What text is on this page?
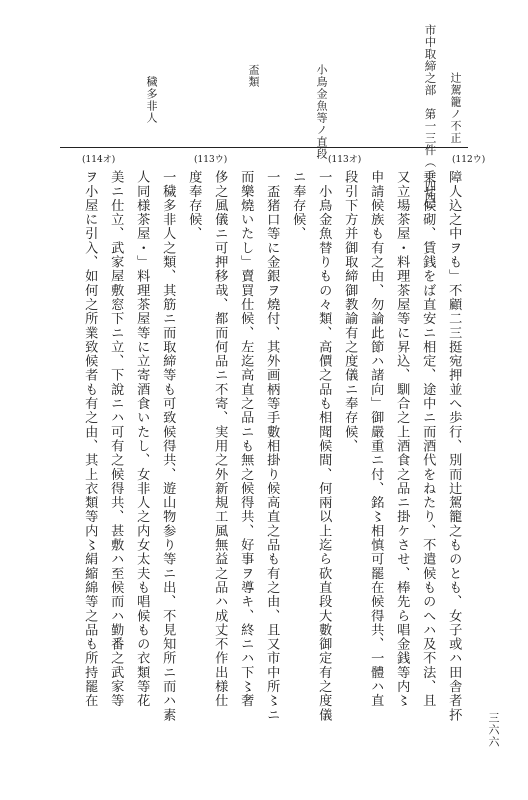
市中取締之部　第一三件（一四四）
三六六
辻駕籠ノ不正
小鳥金魚等ノ直段
盃類
穢多非人
(112ウ)
(113オ)
(113ウ)
(114オ)
障人込之中ヲも」不顧二三挺宛押並へ歩行、別而辻駕籠之ものとも、女子或ハ田舎者抔
乗せ候砌、賃銭をば直安ニ相定、途中ニ而酒代をねたり、不遣候ものへハ及不法、且
又立場茶屋・料理茶屋等に昇込、馴合之上酒食之品ニ掛ケさせ、棒先ら唱金銭等内〻
申請候族も有之由、勿論此節ハ諸向」御嚴重ニ付、銘〻相慎可罷在候得共、一體ハ直
段引下方并御取締御教諭有之度儀ニ奉存候、
一小鳥金魚替りもの々類、高價之品も相聞候間、何兩以上迄ら砍直段大數御定有之度儀
ニ奉存候、
一盃猪口等に金銀ヲ燒付、其外画柄等手數相掛り候高直之品も有之由、且又市中所〻ニ
而樂燒いたし」賣買仕候、左迄高直之品ニも無之候得共、好事ヲ導キ、終ニハ下〻奢
侈之風儀ニ可押移哉、都而何品ニ不寄、実用之外新規工風無益之品ハ成丈不作出様仕
度奉存候、
一穢多非人之類、其筋ニ而取締等も可致候得共、遊山物参り等ニ出、不見知所ニ而ハ素
人同様茶屋・」料理茶屋等に立寄酒食いたし、女非人之内女太夫も唱候もの衣類等花
美ニ仕立、武家屋敷窓下ニ立、下說ニハ可有之候得共、甚敷ハ至候而ハ勤番之武家等
ヲ小屋に引入、如何之所業致候者も有之由、其上衣類等内〻絹縮綿等之品も所持罷在
